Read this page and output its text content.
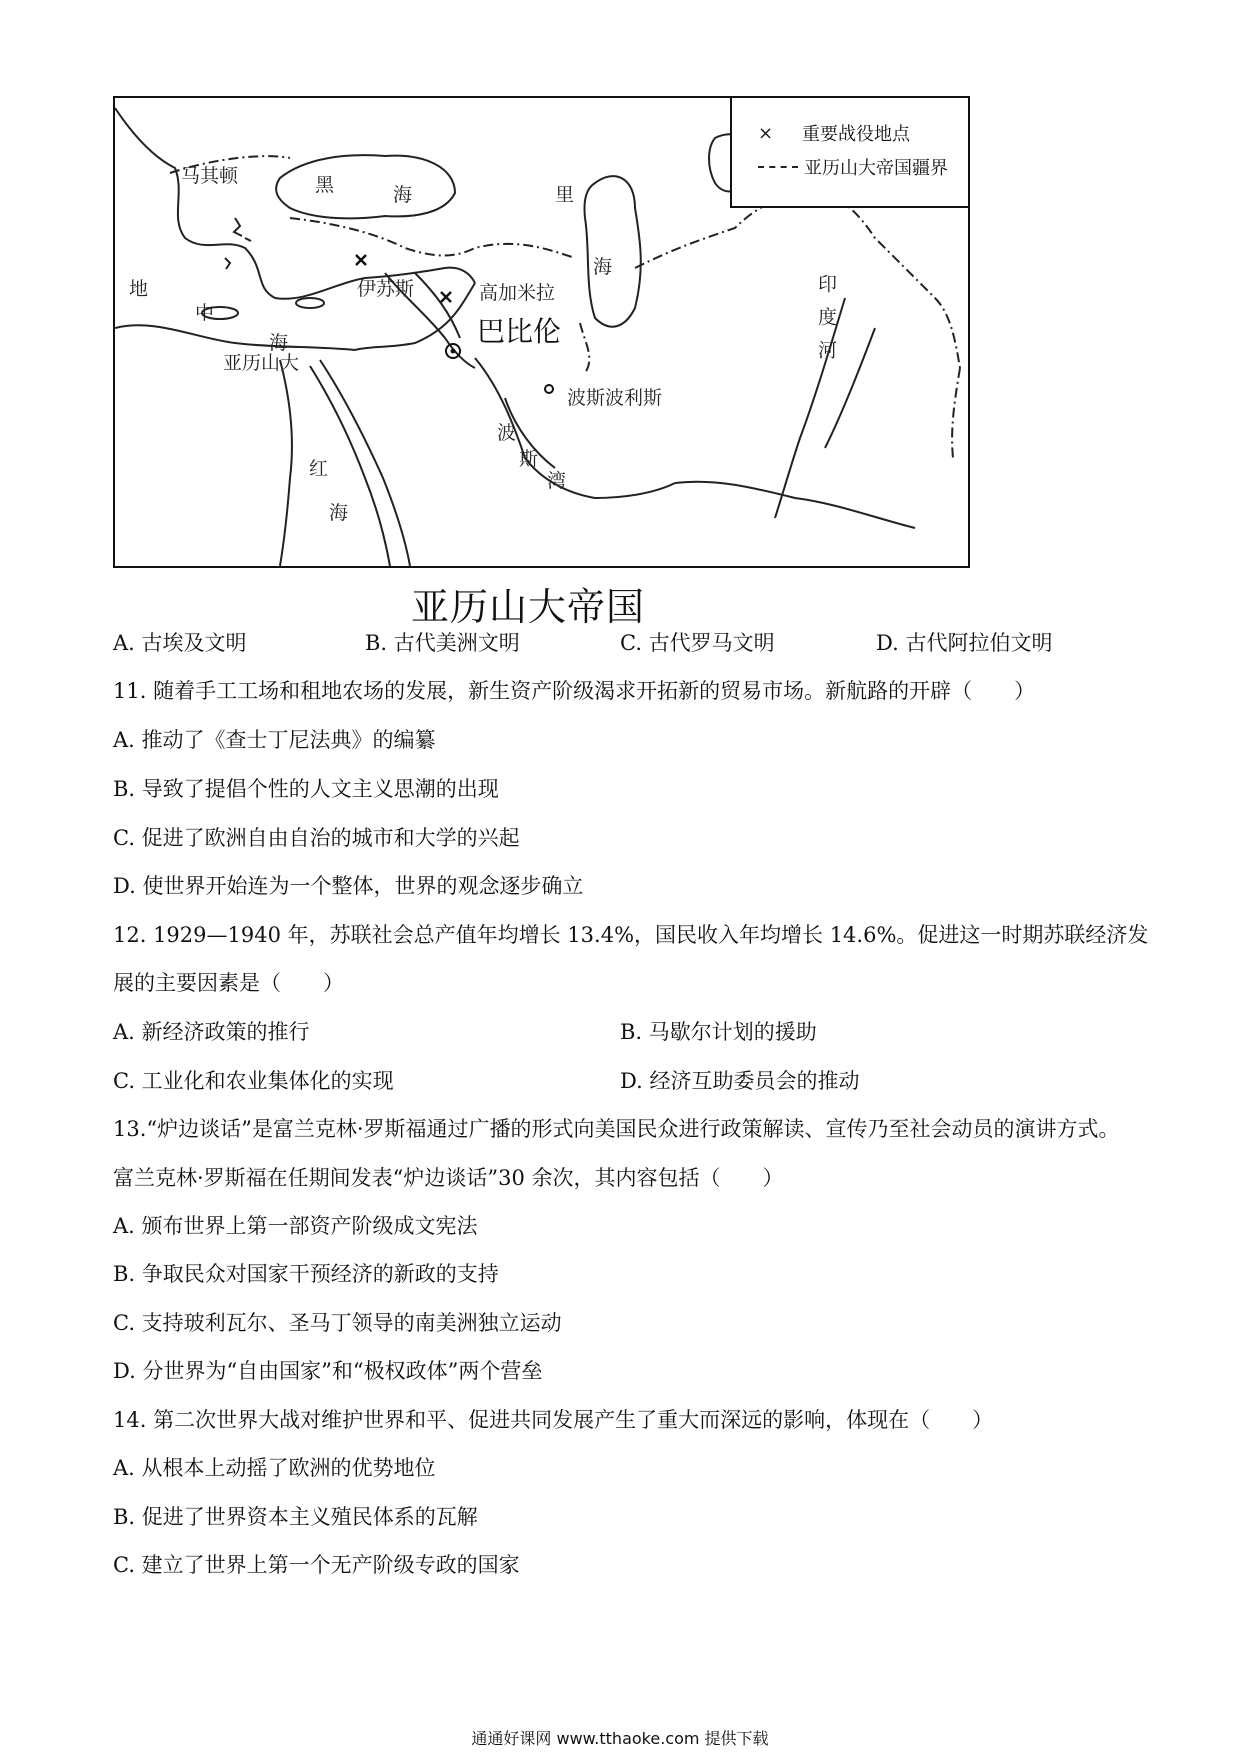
马其顿	黑	海	里
海
伊苏斯	高加米拉
巴比伦
波斯波利斯
地
中
海
亚历山大
红
海
波
斯
湾
印度河
×	重要战役地点
亚历山大帝国疆界
亚历山大帝国
A. 古埃及文明	B. 古代美洲文明	C. 古代罗马文明	D. 古代阿拉伯文明
11. 随着手工工场和租地农场的发展，新生资产阶级渴求开拓新的贸易市场。新航路的开辟（　　）
A. 推动了《查士丁尼法典》的编纂
B. 导致了提倡个性的人文主义思潮的出现
C. 促进了欧洲自由自治的城市和大学的兴起
D. 使世界开始连为一个整体，世界的观念逐步确立
12. 1929—1940 年，苏联社会总产值年均增长 13.4%，国民收入年均增长 14.6%。促进这一时期苏联经济发
展的主要因素是（　　）
A. 新经济政策的推行	B. 马歇尔计划的援助
C. 工业化和农业集体化的实现	D. 经济互助委员会的推动
13.“炉边谈话”是富兰克林·罗斯福通过广播的形式向美国民众进行政策解读、宣传乃至社会动员的演讲方式。
富兰克林·罗斯福在任期间发表“炉边谈话”30 余次，其内容包括（　　）
A. 颁布世界上第一部资产阶级成文宪法
B. 争取民众对国家干预经济的新政的支持
C. 支持玻利瓦尔、圣马丁领导的南美洲独立运动
D. 分世界为“自由国家”和“极权政体”两个营垒
14. 第二次世界大战对维护世界和平、促进共同发展产生了重大而深远的影响，体现在（　　）
A. 从根本上动摇了欧洲的优势地位
B. 促进了世界资本主义殖民体系的瓦解
C. 建立了世界上第一个无产阶级专政的国家
通通好课网 www.tthaoke.com 提供下载
